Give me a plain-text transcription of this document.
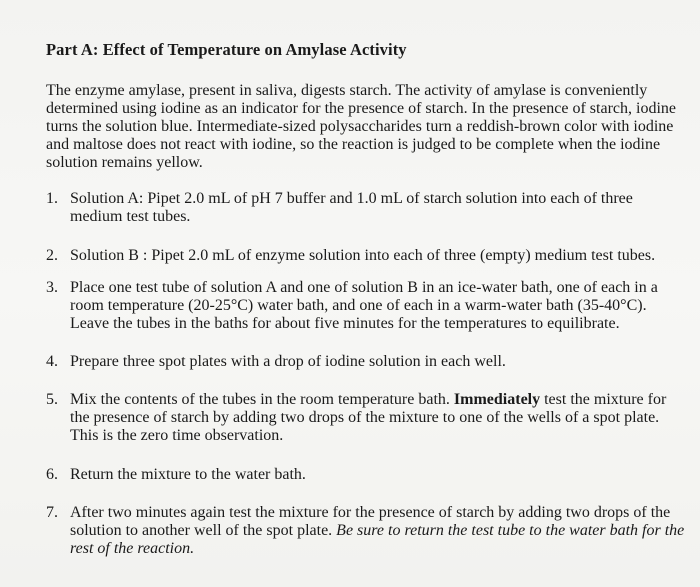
Part A: Effect of Temperature on Amylase Activity
The enzyme amylase, present in saliva, digests starch. The activity of amylase is conveniently determined using iodine as an indicator for the presence of starch. In the presence of starch, iodine turns the solution blue. Intermediate-sized polysaccharides turn a reddish-brown color with iodine and maltose does not react with iodine, so the reaction is judged to be complete when the iodine solution remains yellow.
1. Solution A: Pipet 2.0 mL of pH 7 buffer and 1.0 mL of starch solution into each of three medium test tubes.
2. Solution B : Pipet 2.0 mL of enzyme solution into each of three (empty) medium test tubes.
3. Place one test tube of solution A and one of solution B in an ice-water bath, one of each in a room temperature (20-25°C) water bath, and one of each in a warm-water bath (35-40°C). Leave the tubes in the baths for about five minutes for the temperatures to equilibrate.
4. Prepare three spot plates with a drop of iodine solution in each well.
5. Mix the contents of the tubes in the room temperature bath. Immediately test the mixture for the presence of starch by adding two drops of the mixture to one of the wells of a spot plate. This is the zero time observation.
6. Return the mixture to the water bath.
7. After two minutes again test the mixture for the presence of starch by adding two drops of the solution to another well of the spot plate. Be sure to return the test tube to the water bath for the rest of the reaction.
